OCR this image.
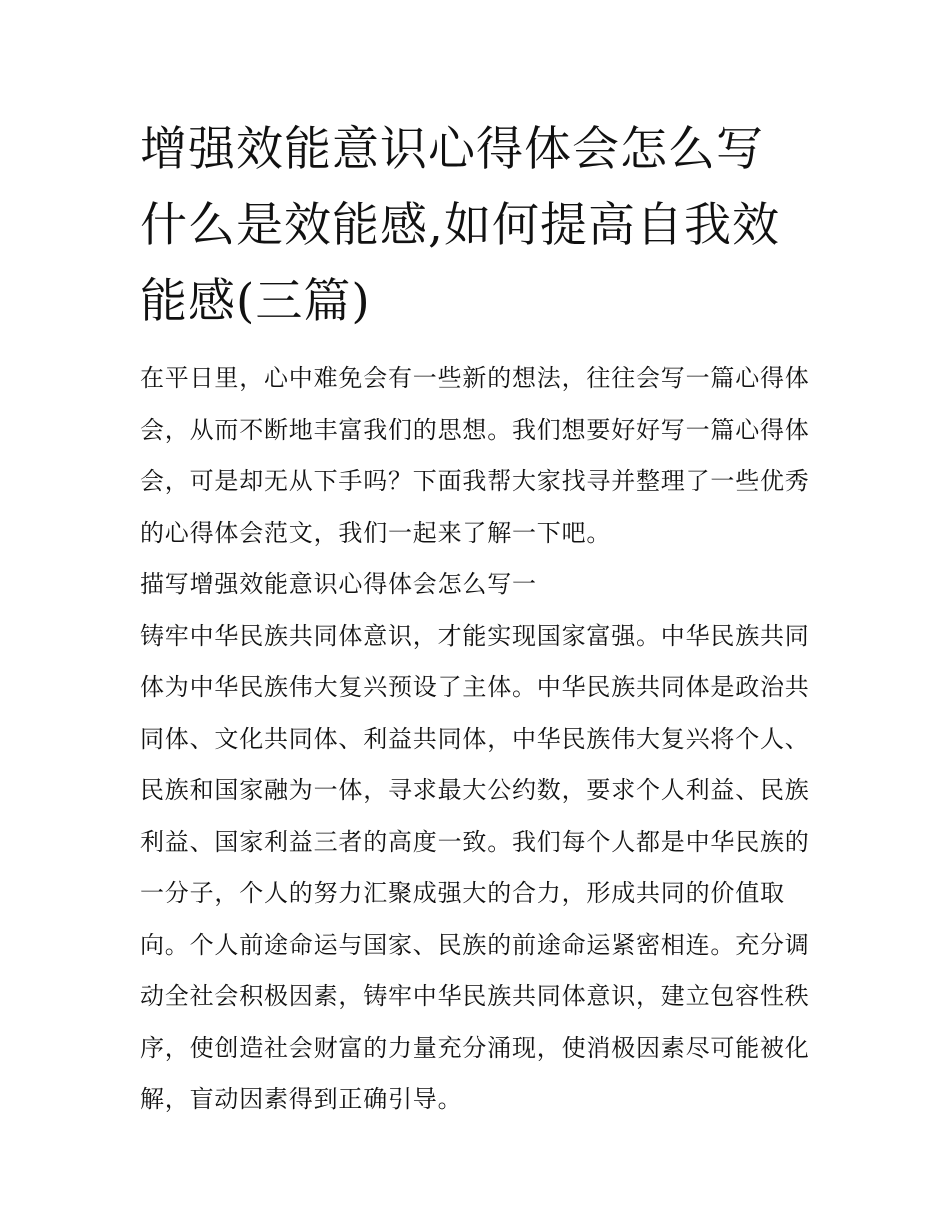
增强效能意识心得体会怎么写
什么是效能感,如何提高自我效
能感(三篇)
在平日里，心中难免会有一些新的想法，往往会写一篇心得体
会，从而不断地丰富我们的思想。我们想要好好写一篇心得体
会，可是却无从下手吗？下面我帮大家找寻并整理了一些优秀
的心得体会范文，我们一起来了解一下吧。
描写增强效能意识心得体会怎么写一
铸牢中华民族共同体意识，才能实现国家富强。中华民族共同
体为中华民族伟大复兴预设了主体。中华民族共同体是政治共
同体、文化共同体、利益共同体，中华民族伟大复兴将个人、
民族和国家融为一体，寻求最大公约数，要求个人利益、民族
利益、国家利益三者的高度一致。我们每个人都是中华民族的
一分子，个人的努力汇聚成强大的合力，形成共同的价值取
向。个人前途命运与国家、民族的前途命运紧密相连。充分调
动全社会积极因素，铸牢中华民族共同体意识，建立包容性秩
序，使创造社会财富的力量充分涌现，使消极因素尽可能被化
解，盲动因素得到正确引导。
